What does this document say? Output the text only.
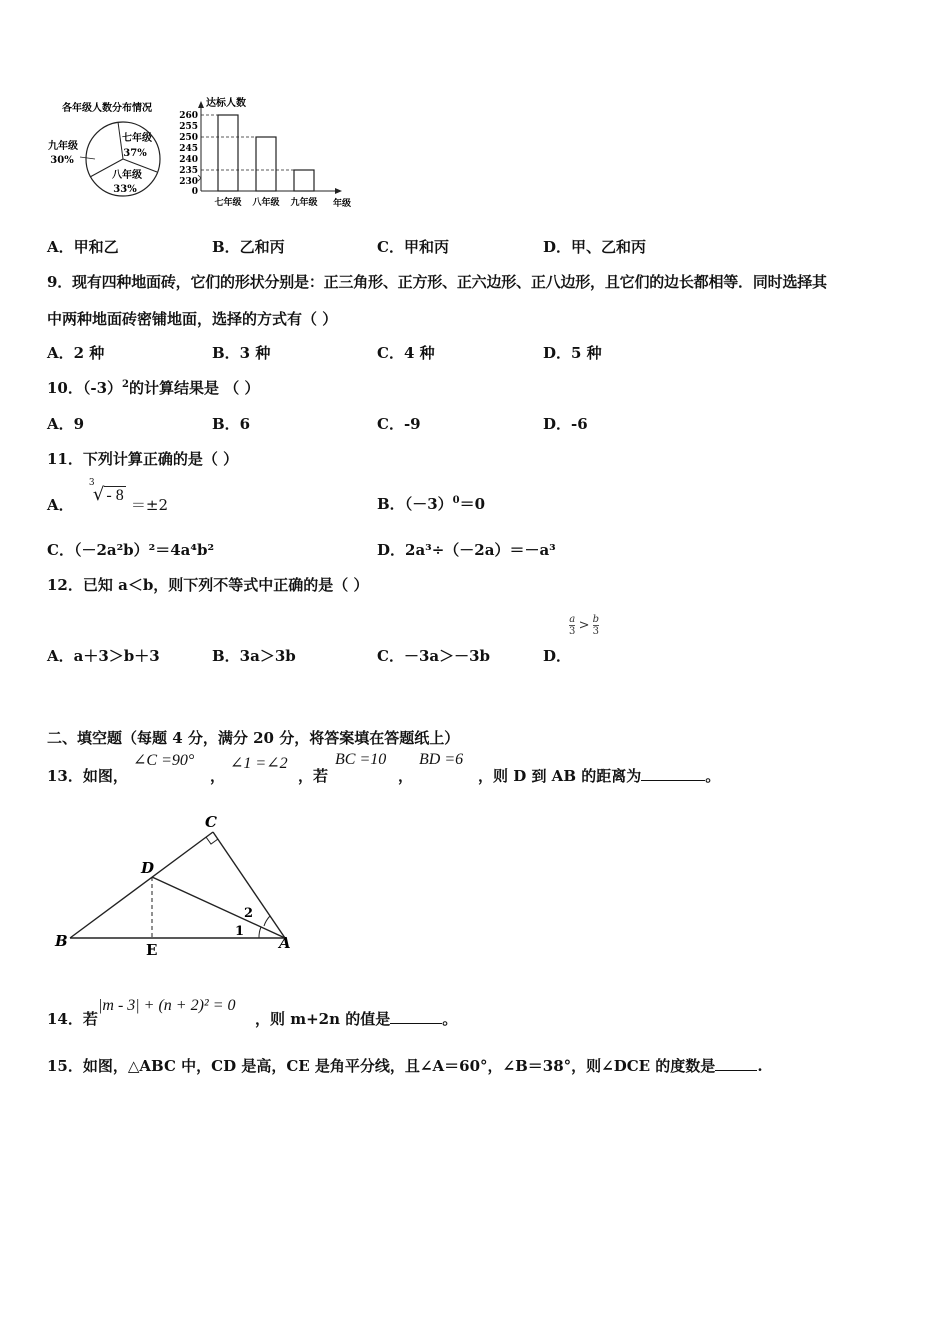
各年级人数分布情况
七年级
37%
八年级
33%
九年级
30%
达标人数
年级
260
255
250
245
240
235
230
0
七年级 八年级 九年级
A．甲和乙	B．乙和丙	C．甲和丙	D．甲、乙和丙
9．现有四种地面砖，它们的形状分别是：正三角形、正方形、正六边形、正八边形，且它们的边长都相等．同时选择其
中两种地面砖密铺地面，选择的方式有（ ）
A．2 种	B．3 种	C．4 种	D．5 种
10．$(-3)^2$的计算结果是 （ ）
A．9	B．6	C．-9	D．-6
11．下列计算正确的是（ ）
A．
3
√ - 8 ＝±2	B．$(-3)^0=0$
C．（－2a²b）²＝4a⁴b²	D．2a³÷（－2a）＝－a³
12．已知 a＜b，则下列不等式中正确的是（ ）
A．a＋3＞b＋3	B．3a＞3b	C．－3a＞－3b	D．
$\frac{a}{3} > \frac{b}{3}$
二、填空题（每题 4 分，满分 20 分，将答案填在答题纸上）
13．如图，
∠C =90°
，
∠1 =∠2
，若
BC =10
，
BD =6
，则 D 到 AB 的距离为	。
C
D
2
1
B	E	A
14．若
|m - 3| + (n + 2)² = 0
，则 m+2n 的值是	。
15．如图，△ABC 中，CD 是高，CE 是角平分线，且∠A＝60°，∠B＝38°，则∠DCE 的度数是	.
